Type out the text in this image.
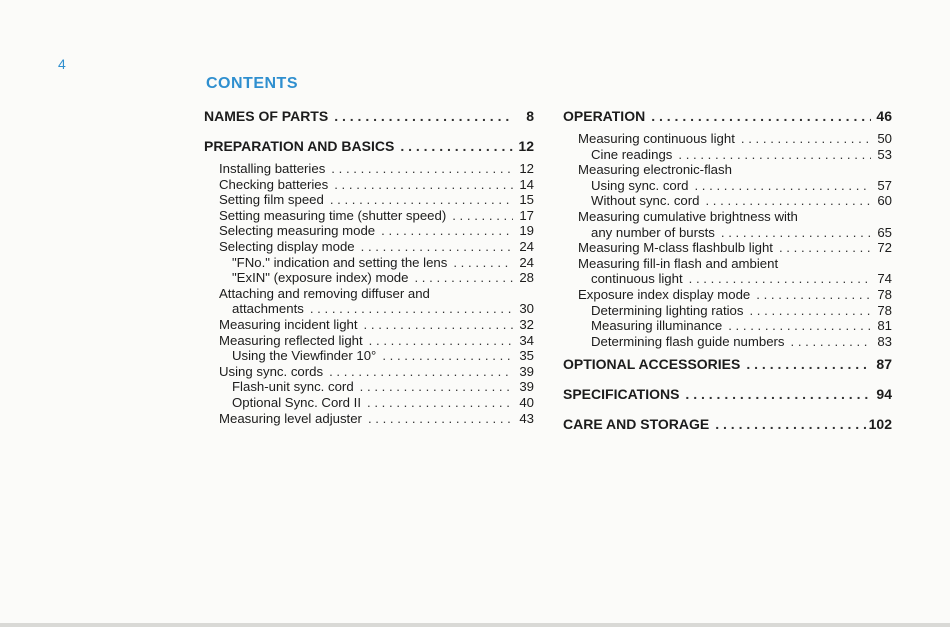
4
CONTENTS
NAMES OF PARTS . . .	8
PREPARATION AND BASICS . . .	12
Installing batteries . . .	12
Checking batteries . . .	14
Setting film speed . . .	15
Setting measuring time (shutter speed) . . .	17
Selecting measuring mode . . .	19
Selecting display mode . . .	24
"FNo." indication and setting the lens . . .	24
"ExIN" (exposure index) mode . . .	28
Attaching and removing diffuser and
attachments . . .	30
Measuring incident light . . .	32
Measuring reflected light . . .	34
Using the Viewfinder 10° . . .	35
Using sync. cords . . .	39
Flash-unit sync. cord . . .	39
Optional Sync. Cord II . . .	40
Measuring level adjuster . . .	43
OPERATION . . .	46
Measuring continuous light . . .	50
Cine readings . . .	53
Measuring electronic-flash
Using sync. cord . . .	57
Without sync. cord . . .	60
Measuring cumulative brightness with
any number of bursts . . .	65
Measuring M-class flashbulb light . . .	72
Measuring fill-in flash and ambient
continuous light . . .	74
Exposure index display mode . . .	78
Determining lighting ratios . . .	78
Measuring illuminance . . .	81
Determining flash guide numbers . . .	83
OPTIONAL ACCESSORIES . . .	87
SPECIFICATIONS . . .	94
CARE AND STORAGE . . .	102
